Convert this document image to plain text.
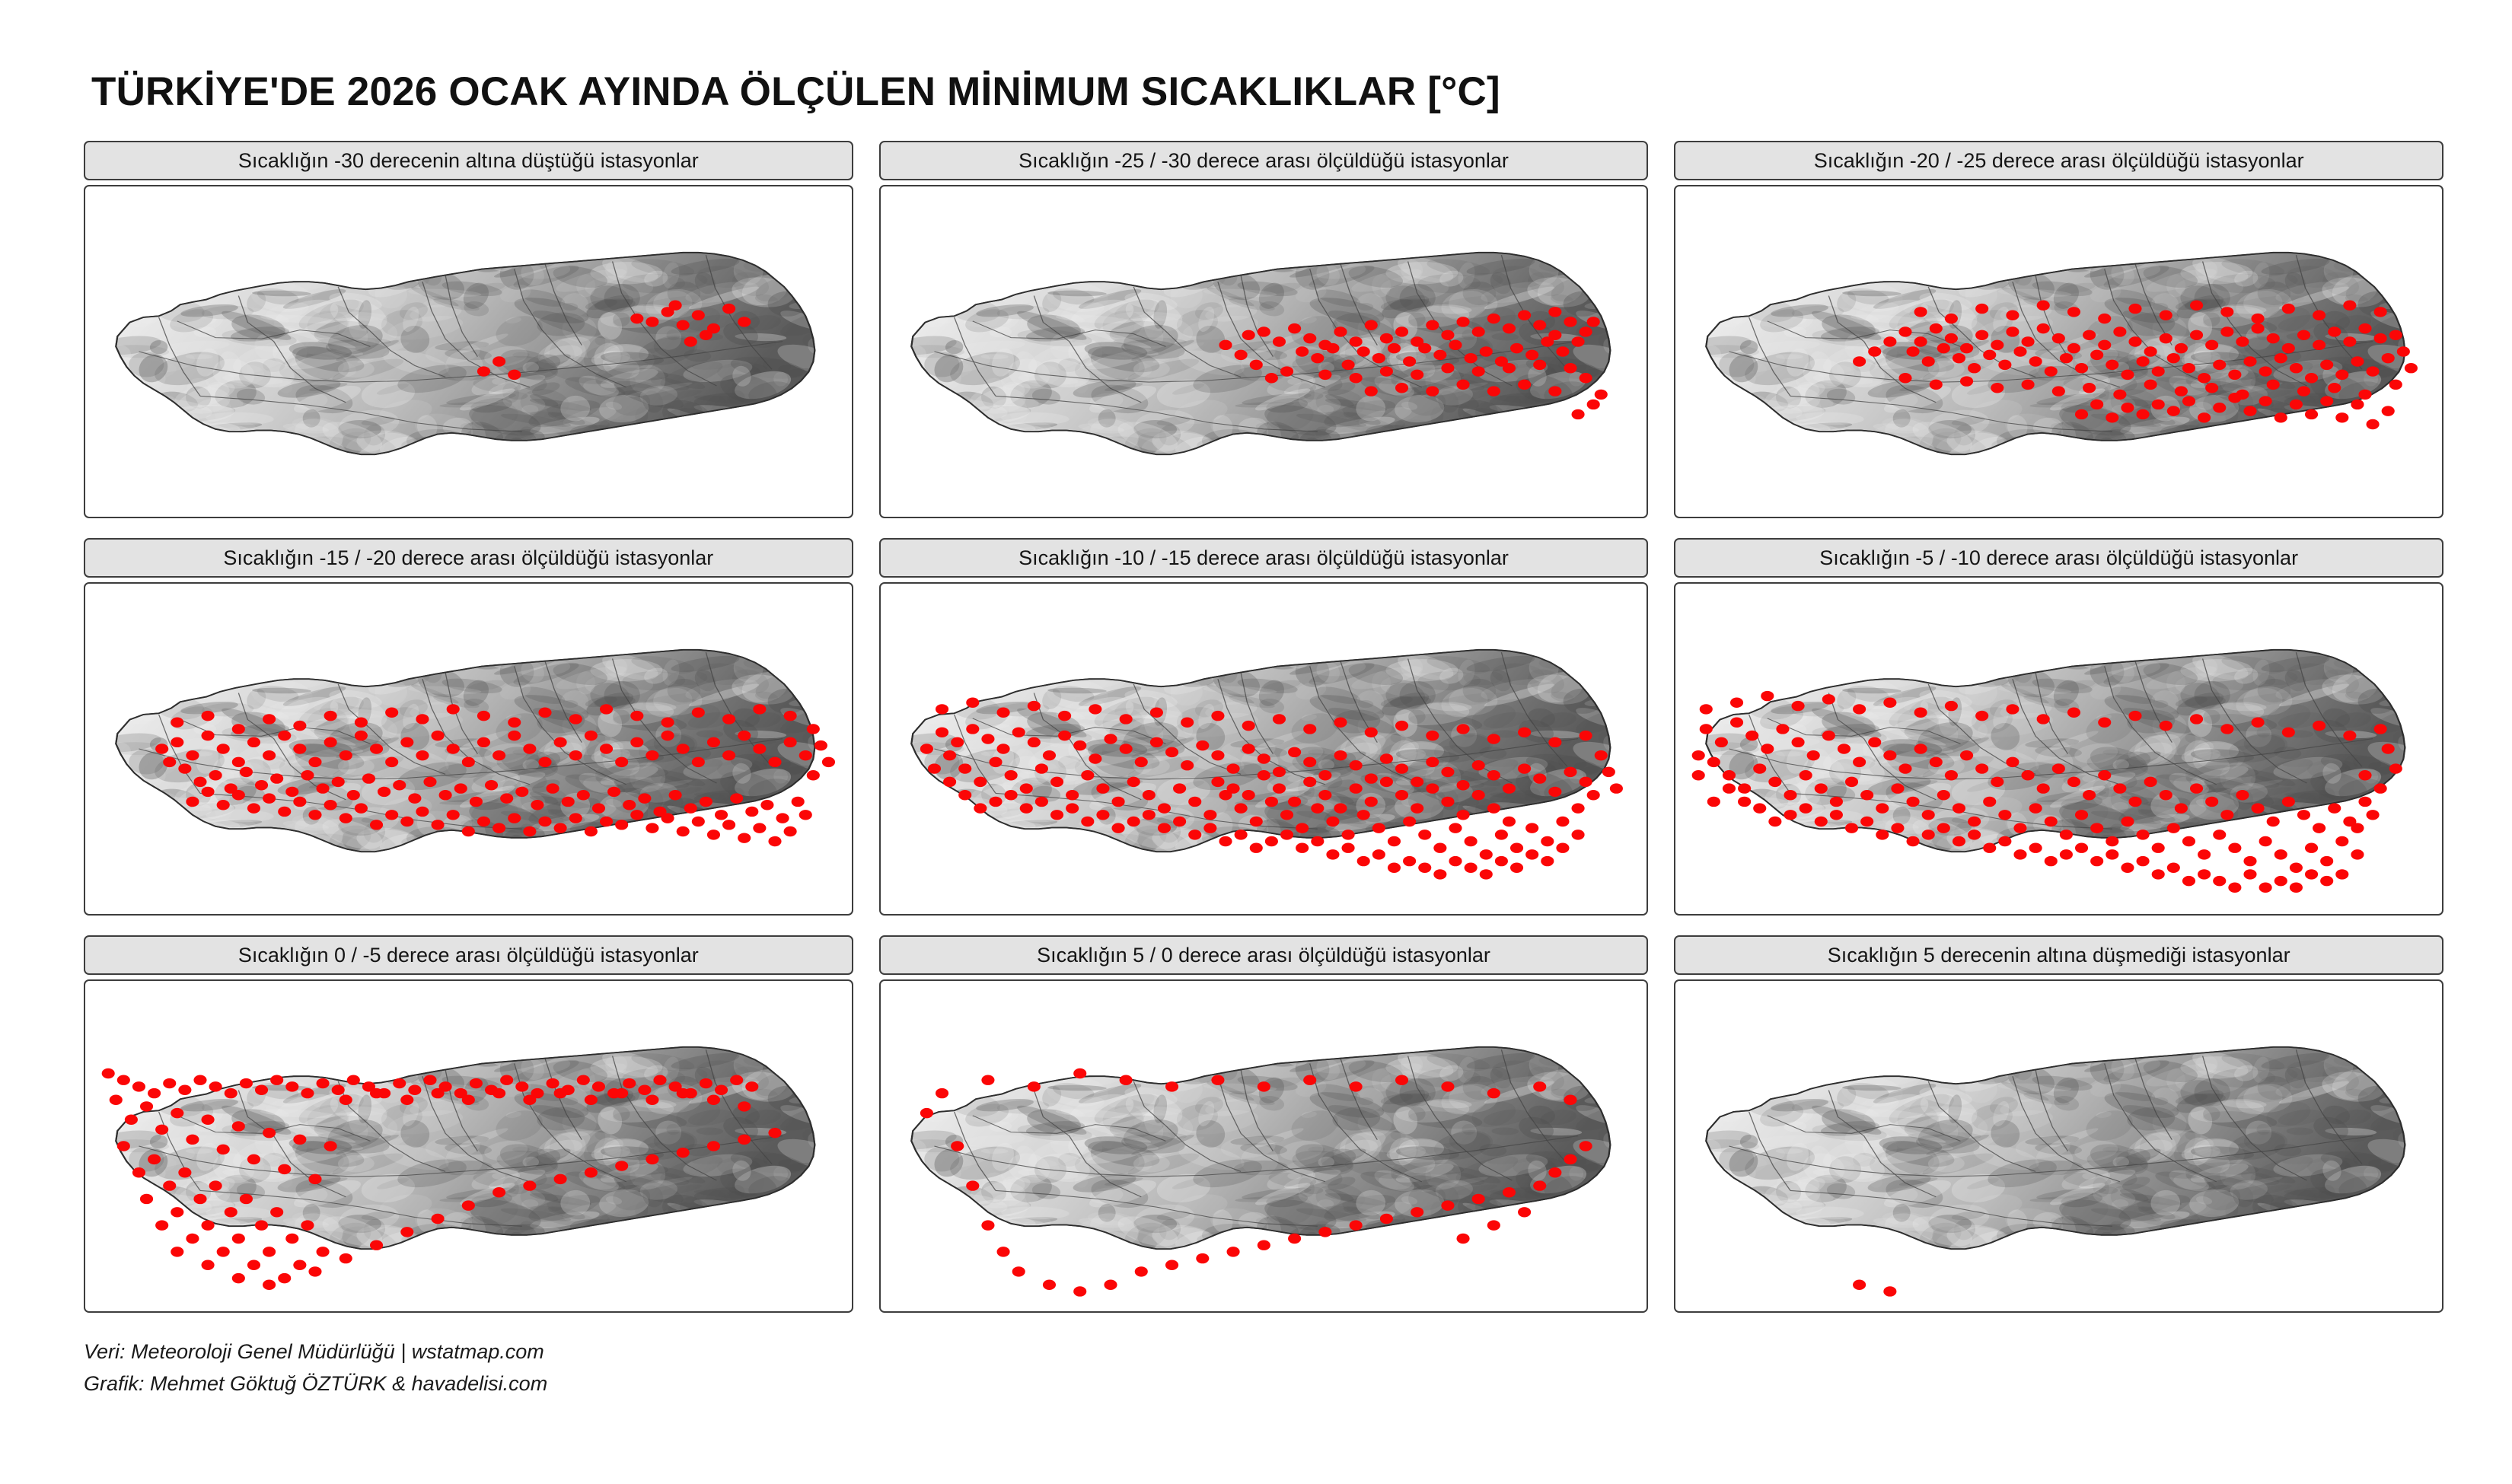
TÜRKİYE'DE 2026 OCAK AYINDA ÖLÇÜLEN MİNİMUM SICAKLIKLAR [°C]
Sıcaklığın -30 derecenin altına düştüğü istasyonlar	Sıcaklığın -25 / -30 derece arası ölçüldüğü istasyonlar	Sıcaklığın -20 / -25 derece arası ölçüldüğü istasyonlar
Sıcaklığın -15 / -20 derece arası ölçüldüğü istasyonlar	Sıcaklığın -10 / -15 derece arası ölçüldüğü istasyonlar	Sıcaklığın -5 / -10 derece arası ölçüldüğü istasyonlar
Sıcaklığın 0 / -5 derece arası ölçüldüğü istasyonlar	Sıcaklığın 5 / 0 derece arası ölçüldüğü istasyonlar	Sıcaklığın 5 derecenin altına düşmediği istasyonlar
Veri: Meteoroloji Genel Müdürlüğü | wstatmap.com
Grafik: Mehmet Göktuğ ÖZTÜRK & havadelisi.com
